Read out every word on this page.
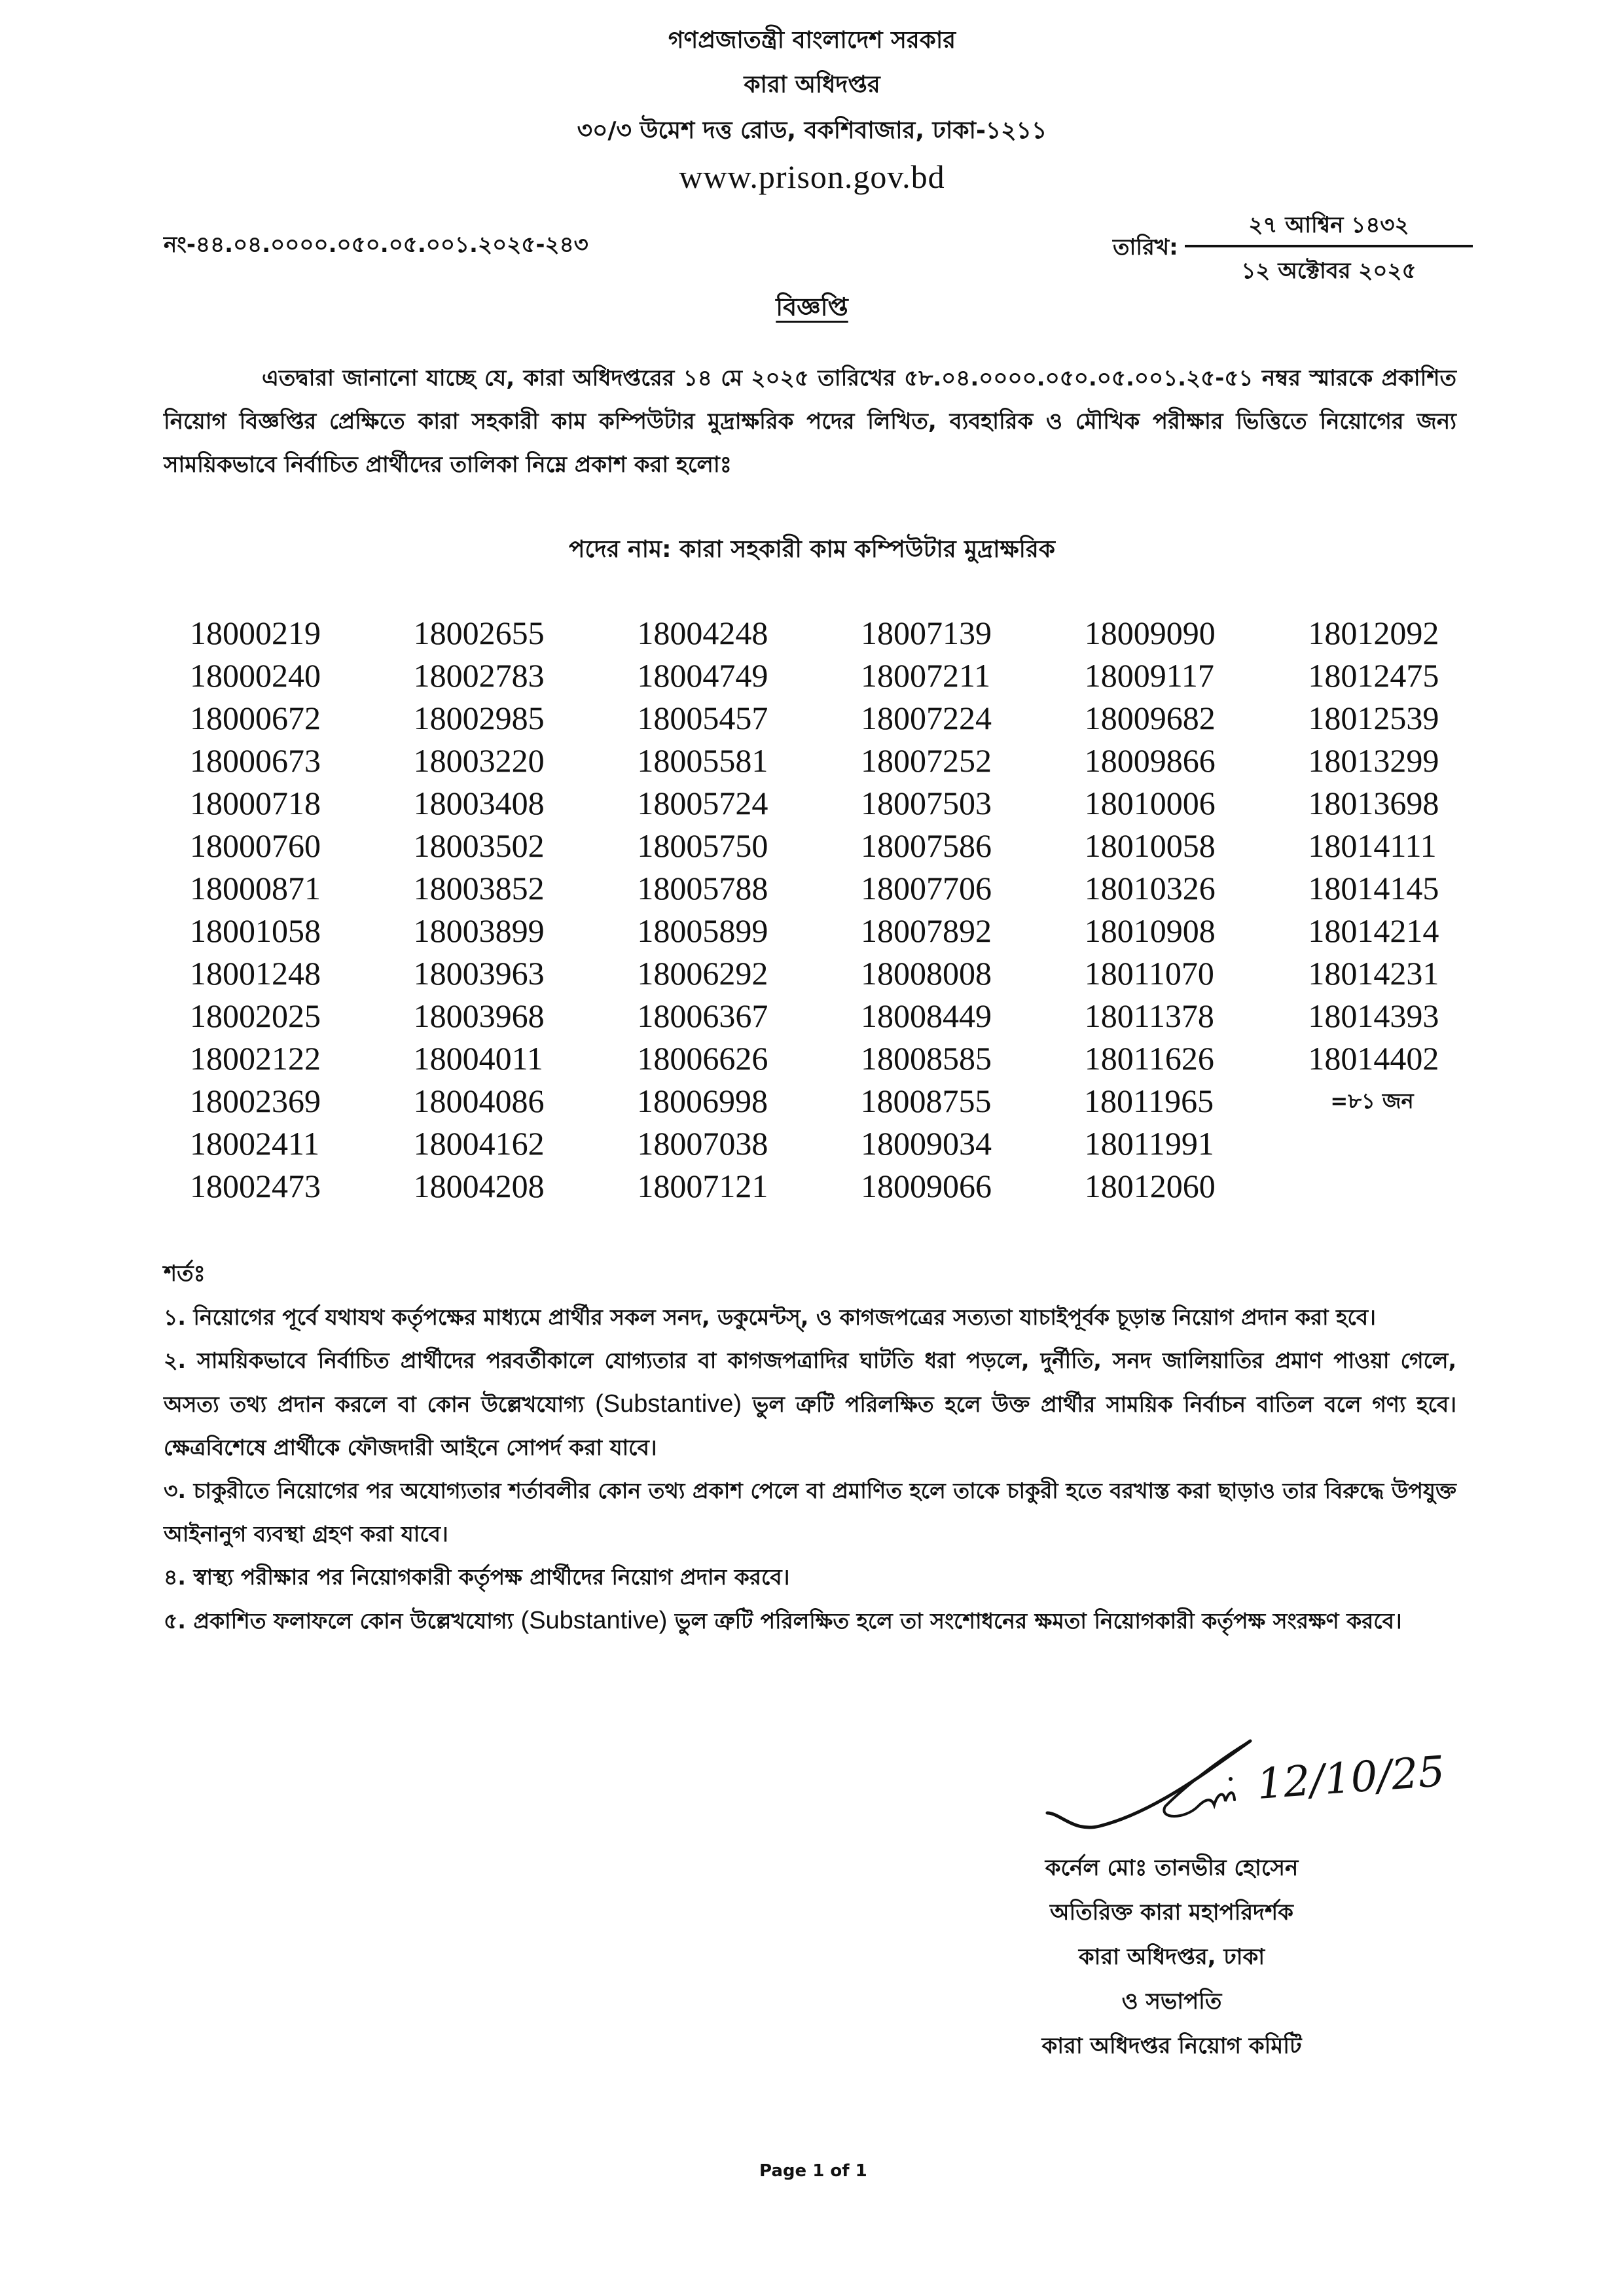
গণপ্রজাতন্ত্রী বাংলাদেশ সরকার
কারা অধিদপ্তর
৩০/৩ উমেশ দত্ত রোড, বকশিবাজার, ঢাকা-১২১১
www.prison.gov.bd
নং-৪৪.০৪.০০০০.০৫০.০৫.০০১.২০২৫-২৪৩	তারিখ:
২৭ আশ্বিন ১৪৩২
১২ অক্টোবর ২০২৫
বিজ্ঞপ্তি
এতদ্বারা জানানো যাচ্ছে যে, কারা অধিদপ্তরের ১৪ মে ২০২৫ তারিখের ৫৮.০৪.০০০০.০৫০.০৫.০০১.২৫-৫১ নম্বর স্মারকে প্রকাশিত নিয়োগ বিজ্ঞপ্তির প্রেক্ষিতে কারা সহকারী কাম কম্পিউটার মুদ্রাক্ষরিক পদের লিখিত, ব্যবহারিক ও মৌখিক পরীক্ষার ভিত্তিতে নিয়োগের জন্য সাময়িকভাবে নির্বাচিত প্রার্থীদের তালিকা নিম্নে প্রকাশ করা হলোঃ
পদের নাম: কারা সহকারী কাম কম্পিউটার মুদ্রাক্ষরিক
18000219	18002655	18004248	18007139	18009090	18012092
18000240	18002783	18004749	18007211	18009117	18012475
18000672	18002985	18005457	18007224	18009682	18012539
18000673	18003220	18005581	18007252	18009866	18013299
18000718	18003408	18005724	18007503	18010006	18013698
18000760	18003502	18005750	18007586	18010058	18014111
18000871	18003852	18005788	18007706	18010326	18014145
18001058	18003899	18005899	18007892	18010908	18014214
18001248	18003963	18006292	18008008	18011070	18014231
18002025	18003968	18006367	18008449	18011378	18014393
18002122	18004011	18006626	18008585	18011626	18014402
18002369	18004086	18006998	18008755	18011965	=৮১ জন
18002411	18004162	18007038	18009034	18011991
18002473	18004208	18007121	18009066	18012060
শর্তঃ
১. নিয়োগের পূর্বে যথাযথ কর্তৃপক্ষের মাধ্যমে প্রার্থীর সকল সনদ, ডকুমেন্টস্, ও কাগজপত্রের সত্যতা যাচাইপূর্বক চূড়ান্ত নিয়োগ প্রদান করা হবে।
২. সাময়িকভাবে নির্বাচিত প্রার্থীদের পরবর্তীকালে যোগ্যতার বা কাগজপত্রাদির ঘাটতি ধরা পড়লে, দুর্নীতি, সনদ জালিয়াতির প্রমাণ পাওয়া গেলে, অসত্য তথ্য প্রদান করলে বা কোন উল্লেখযোগ্য (Substantive) ভুল ত্রুটি পরিলক্ষিত হলে উক্ত প্রার্থীর সাময়িক নির্বাচন বাতিল বলে গণ্য হবে। ক্ষেত্রবিশেষে প্রার্থীকে ফৌজদারী আইনে সোপর্দ করা যাবে।
৩. চাকুরীতে নিয়োগের পর অযোগ্যতার শর্তাবলীর কোন তথ্য প্রকাশ পেলে বা প্রমাণিত হলে তাকে চাকুরী হতে বরখাস্ত করা ছাড়াও তার বিরুদ্ধে উপযুক্ত আইনানুগ ব্যবস্থা গ্রহণ করা যাবে।
৪. স্বাস্থ্য পরীক্ষার পর নিয়োগকারী কর্তৃপক্ষ প্রার্থীদের নিয়োগ প্রদান করবে।
৫. প্রকাশিত ফলাফলে কোন উল্লেখযোগ্য (Substantive) ভুল ত্রুটি পরিলক্ষিত হলে তা সংশোধনের ক্ষমতা নিয়োগকারী কর্তৃপক্ষ সংরক্ষণ করবে।
12/10/25
কর্নেল মোঃ তানভীর হোসেন
অতিরিক্ত কারা মহাপরিদর্শক
কারা অধিদপ্তর, ঢাকা
ও সভাপতি
কারা অধিদপ্তর নিয়োগ কমিটি
Page 1 of 1
